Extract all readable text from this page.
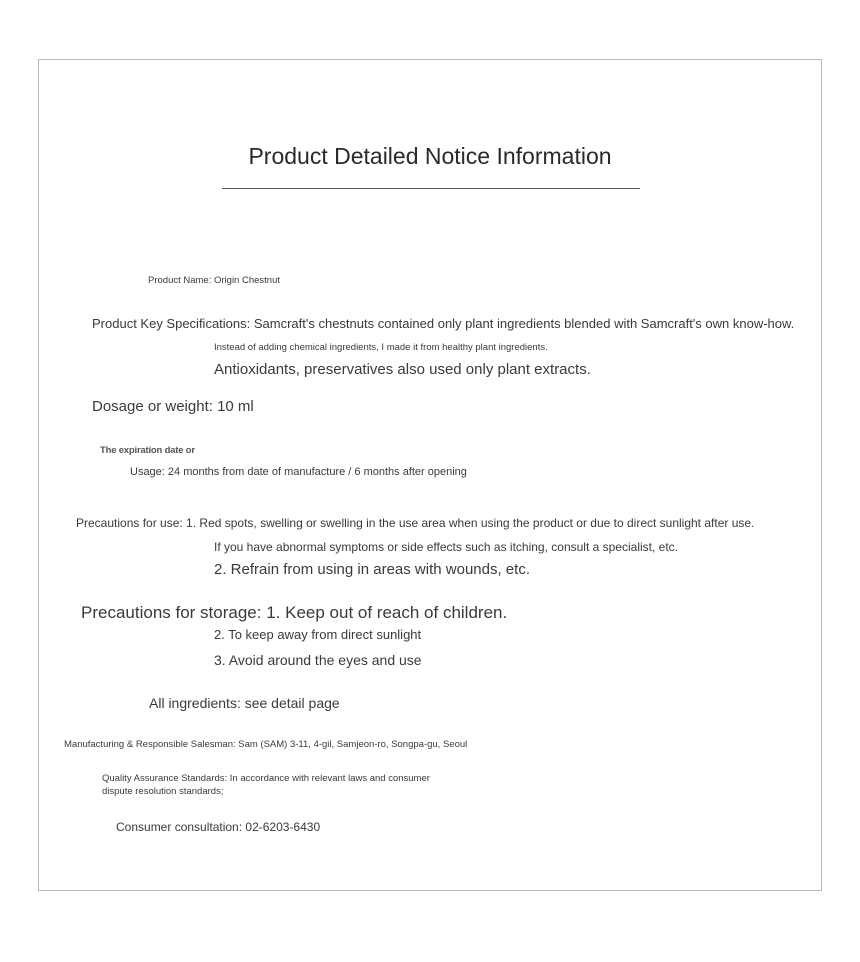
Product Detailed Notice Information
Product Name: Origin Chestnut
Product Key Specifications: Samcraft's chestnuts contained only plant ingredients blended with Samcraft's own know-how.
Instead of adding chemical ingredients, I made it from healthy plant ingredients.
Antioxidants, preservatives also used only plant extracts.
Dosage or weight: 10 ml
The expiration date or
Usage: 24 months from date of manufacture / 6 months after opening
Precautions for use: 1. Red spots, swelling or swelling in the use area when using the product or due to direct sunlight after use.
If you have abnormal symptoms or side effects such as itching, consult a specialist, etc.
2. Refrain from using in areas with wounds, etc.
Precautions for storage: 1. Keep out of reach of children.
2. To keep away from direct sunlight
3. Avoid around the eyes and use
All ingredients: see detail page
Manufacturing & Responsible Salesman: Sam (SAM) 3-11, 4-gil, Samjeon-ro, Songpa-gu, Seoul
Quality Assurance Standards: In accordance with relevant laws and consumer
dispute resolution standards;
Consumer consultation: 02-6203-6430
